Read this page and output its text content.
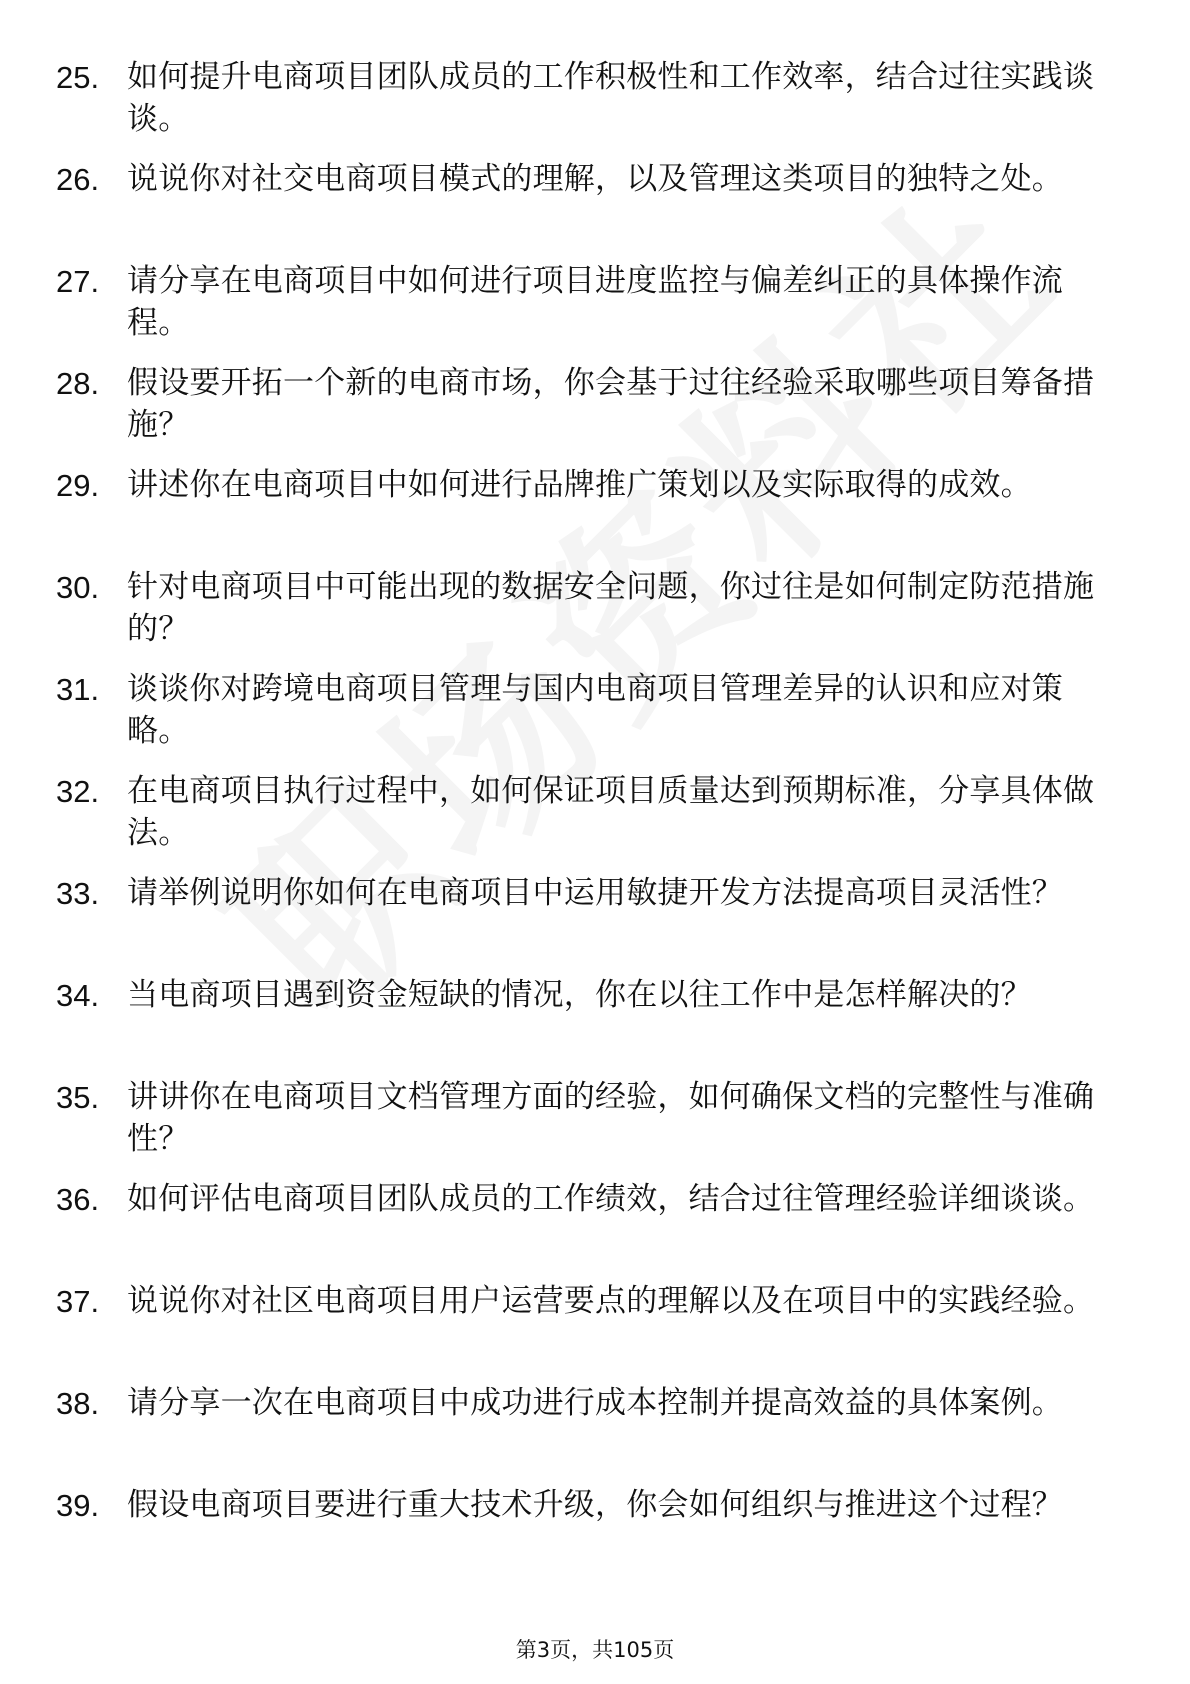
25. 如何提升电商项目团队成员的工作积极性和工作效率，结合过往实践谈谈。
26. 说说你对社交电商项目模式的理解，以及管理这类项目的独特之处。
27. 请分享在电商项目中如何进行项目进度监控与偏差纠正的具体操作流程。
28. 假设要开拓一个新的电商市场，你会基于过往经验采取哪些项目筹备措施？
29. 讲述你在电商项目中如何进行品牌推广策划以及实际取得的成效。
30. 针对电商项目中可能出现的数据安全问题，你过往是如何制定防范措施的？
31. 谈谈你对跨境电商项目管理与国内电商项目管理差异的认识和应对策略。
32. 在电商项目执行过程中，如何保证项目质量达到预期标准，分享具体做法。
33. 请举例说明你如何在电商项目中运用敏捷开发方法提高项目灵活性？
34. 当电商项目遇到资金短缺的情况，你在以往工作中是怎样解决的？
35. 讲讲你在电商项目文档管理方面的经验，如何确保文档的完整性与准确性？
36. 如何评估电商项目团队成员的工作绩效，结合过往管理经验详细谈谈。
37. 说说你对社区电商项目用户运营要点的理解以及在项目中的实践经验。
38. 请分享一次在电商项目中成功进行成本控制并提高效益的具体案例。
39. 假设电商项目要进行重大技术升级，你会如何组织与推进这个过程？
第3页，共105页
